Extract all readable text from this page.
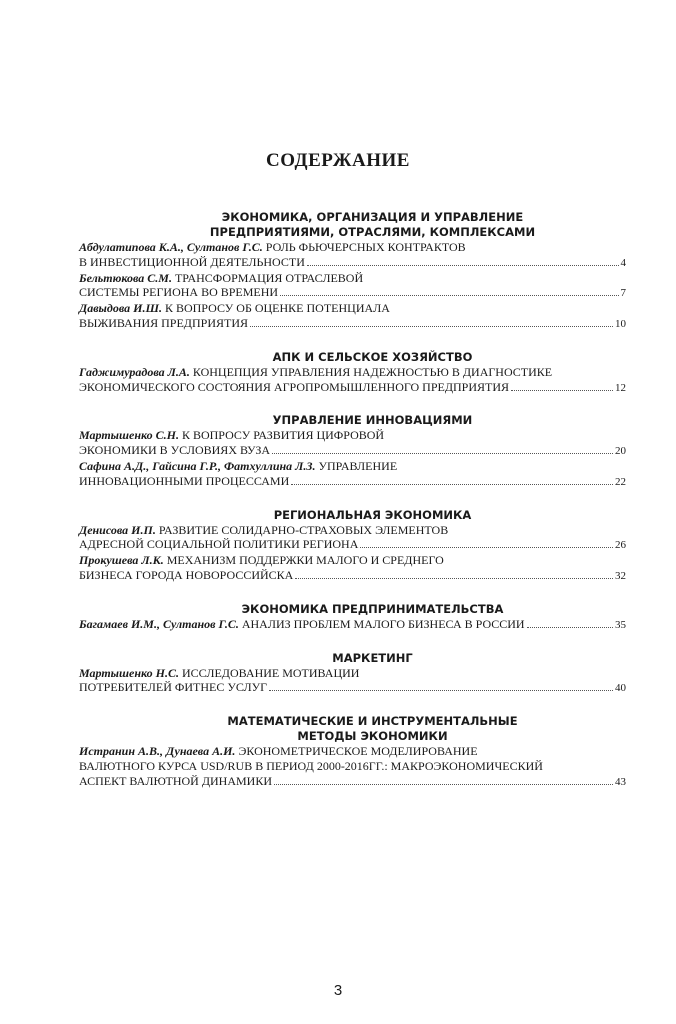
СОДЕРЖАНИЕ
ЭКОНОМИКА, ОРГАНИЗАЦИЯ И УПРАВЛЕНИЕ
ПРЕДПРИЯТИЯМИ, ОТРАСЛЯМИ, КОМПЛЕКСАМИ
Абдулатипова К.А., Султанов Г.С. РОЛЬ ФЬЮЧЕРСНЫХ КОНТРАКТОВ
В ИНВЕСТИЦИОННОЙ ДЕЯТЕЛЬНОСТИ	4
Бельтюкова С.М. ТРАНСФОРМАЦИЯ ОТРАСЛЕВОЙ
СИСТЕМЫ РЕГИОНА ВО ВРЕМЕНИ	7
Давыдова И.Ш. К ВОПРОСУ ОБ ОЦЕНКЕ ПОТЕНЦИАЛА
ВЫЖИВАНИЯ ПРЕДПРИЯТИЯ	10
АПК И СЕЛЬСКОЕ ХОЗЯЙСТВО
Гаджимурадова Л.А. КОНЦЕПЦИЯ УПРАВЛЕНИЯ НАДЕЖНОСТЬЮ В ДИАГНОСТИКЕ
ЭКОНОМИЧЕСКОГО СОСТОЯНИЯ АГРОПРОМЫШЛЕННОГО ПРЕДПРИЯТИЯ	12
УПРАВЛЕНИЕ ИННОВАЦИЯМИ
Мартышенко С.Н. К ВОПРОСУ РАЗВИТИЯ ЦИФРОВОЙ
ЭКОНОМИКИ В УСЛОВИЯХ ВУЗА	20
Сафина А.Д., Гайсина Г.Р., Фатхуллина Л.З. УПРАВЛЕНИЕ
ИННОВАЦИОННЫМИ ПРОЦЕССАМИ	22
РЕГИОНАЛЬНАЯ ЭКОНОМИКА
Денисова И.П. РАЗВИТИЕ СОЛИДАРНО-СТРАХОВЫХ ЭЛЕМЕНТОВ
АДРЕСНОЙ СОЦИАЛЬНОЙ ПОЛИТИКИ РЕГИОНА	26
Прокушева Л.К. МЕХАНИЗМ ПОДДЕРЖКИ МАЛОГО И СРЕДНЕГО
БИЗНЕСА ГОРОДА НОВОРОССИЙСКА	32
ЭКОНОМИКА ПРЕДПРИНИМАТЕЛЬСТВА
Багамаев И.М., Султанов Г.С. АНАЛИЗ ПРОБЛЕМ МАЛОГО БИЗНЕСА В РОССИИ	35
МАРКЕТИНГ
Мартышенко Н.С. ИССЛЕДОВАНИЕ МОТИВАЦИИ
ПОТРЕБИТЕЛЕЙ ФИТНЕС УСЛУГ	40
МАТЕМАТИЧЕСКИЕ И ИНСТРУМЕНТАЛЬНЫЕ
МЕТОДЫ ЭКОНОМИКИ
Истранин А.В., Дунаева А.И. ЭКОНОМЕТРИЧЕСКОЕ МОДЕЛИРОВАНИЕ
ВАЛЮТНОГО КУРСА USD/RUB В ПЕРИОД 2000-2016ГГ.: МАКРОЭКОНОМИЧЕСКИЙ
АСПЕКТ ВАЛЮТНОЙ ДИНАМИКИ	43
3
